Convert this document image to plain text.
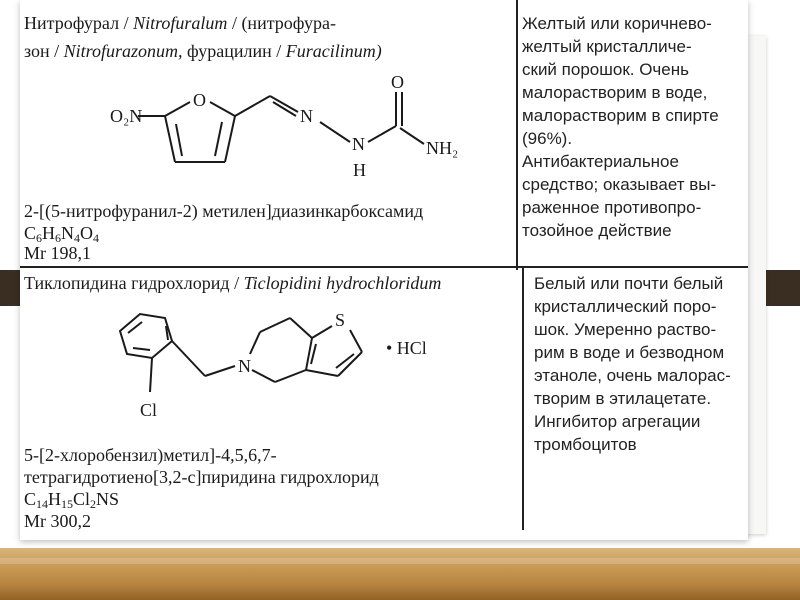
Нитрофурал / Nitrofuralum / (нитрофура-
зон / Nitrofurazonum, фурацилин / Furacilinum)
O₂N
O
N
N
H
O
NH₂
2-[(5-нитрофуранил-2) метилен]диазинкарбоксамид
$C_6H_6N_4O_4$
Mr 198,1
Желтый или коричнево-
желтый кристалличе-
ский порошок. Очень
малорастворим в воде,
малорастворим в спирте
(96%).
Антибактериальное
средство; оказывает вы-
раженное противопро-
тозойное действие
Тиклопидина гидрохлорид / Ticlopidini hydrochloridum
S
N
Cl
• HCl
5-[2-хлоробензил)метил]-4,5,6,7-
тетрагидротиено[3,2-c]пиридина гидрохлорид
$C_{14}H_{15}Cl_2NS$
Mr 300,2
Белый или почти белый
кристаллический поро-
шок. Умеренно раство-
рим в воде и безводном
этаноле, очень малорас-
творим в этилацетате.
Ингибитор агрегации
тромбоцитов
